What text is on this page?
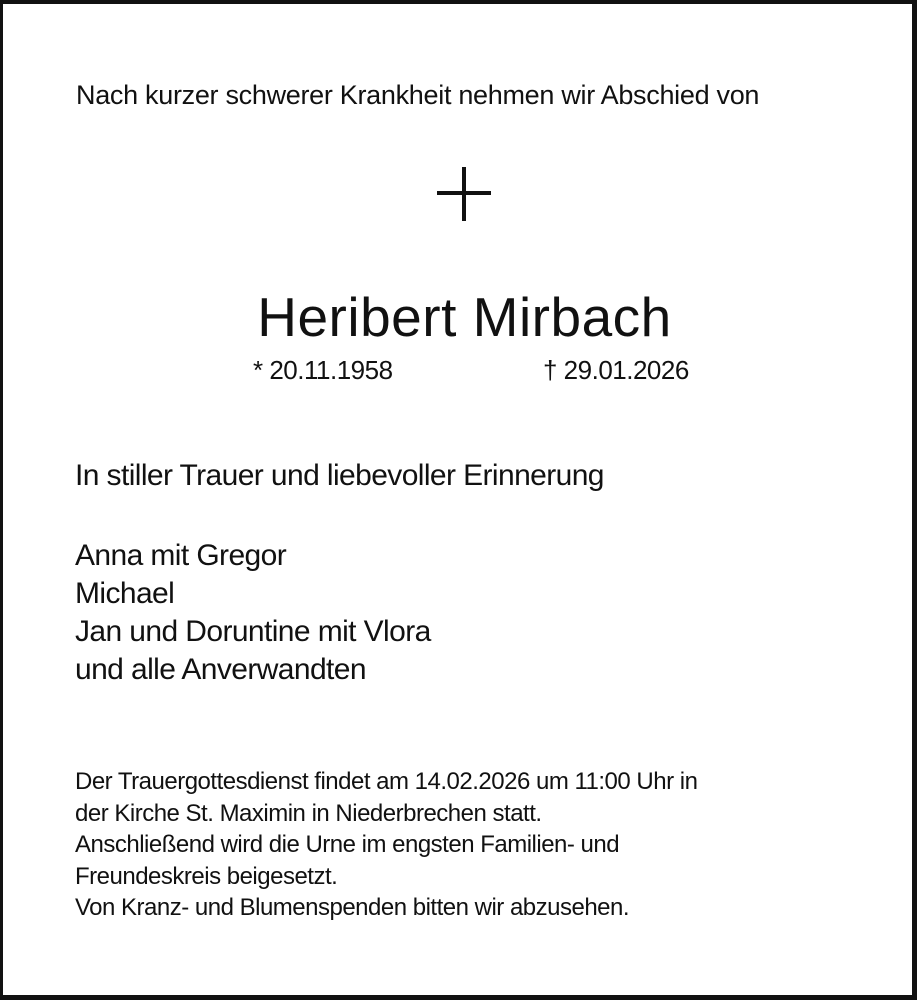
Nach kurzer schwerer Krankheit nehmen wir Abschied von
Heribert Mirbach
* 20.11.1958	† 29.01.2026
In stiller Trauer und liebevoller Erinnerung
Anna mit Gregor
Michael
Jan und Doruntine mit Vlora
und alle Anverwandten
Der Trauergottesdienst findet am 14.02.2026 um 11:00 Uhr in
der Kirche St. Maximin in Niederbrechen statt.
Anschließend wird die Urne im engsten Familien- und
Freundeskreis beigesetzt.
Von Kranz- und Blumenspenden bitten wir abzusehen.
